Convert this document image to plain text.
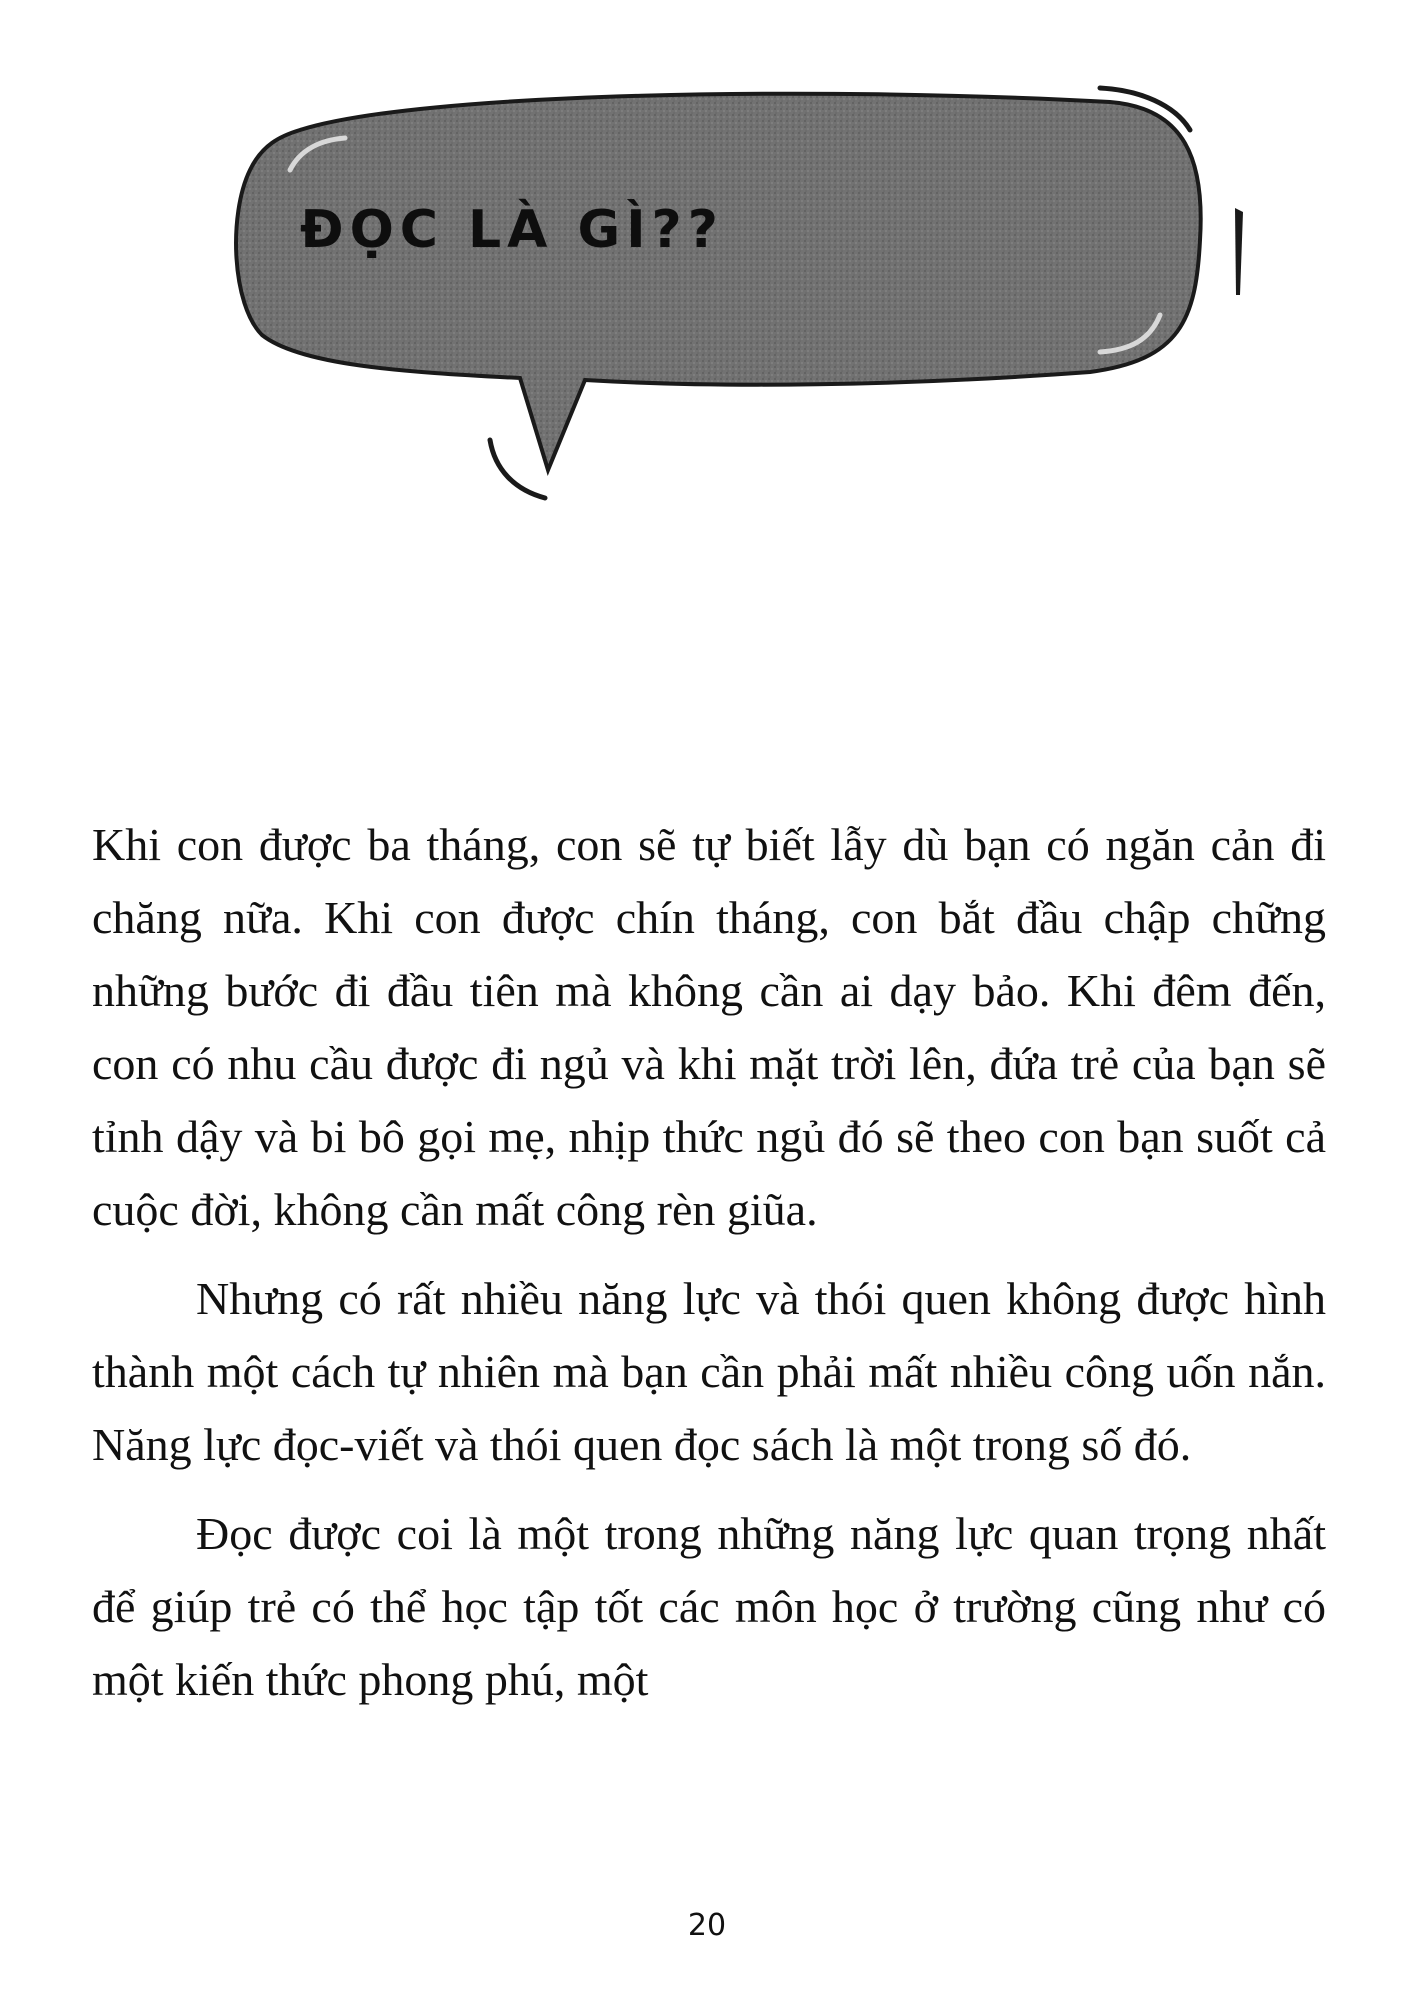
ĐỌC LÀ GÌ??

Khi con được ba tháng, con sẽ tự biết lẫy dù bạn có ngăn cản đi chăng nữa. Khi con được chín tháng, con bắt đầu chập chững những bước đi đầu tiên mà không cần ai dạy bảo. Khi đêm đến, con có nhu cầu được đi ngủ và khi mặt trời lên, đứa trẻ của bạn sẽ tỉnh dậy và bi bô gọi mẹ, nhịp thức ngủ đó sẽ theo con bạn suốt cả cuộc đời, không cần mất công rèn giũa.

Nhưng có rất nhiều năng lực và thói quen không được hình thành một cách tự nhiên mà bạn cần phải mất nhiều công uốn nắn. Năng lực đọc-viết và thói quen đọc sách là một trong số đó.

Đọc được coi là một trong những năng lực quan trọng nhất để giúp trẻ có thể học tập tốt các môn học ở trường cũng như có một kiến thức phong phú, một

20
